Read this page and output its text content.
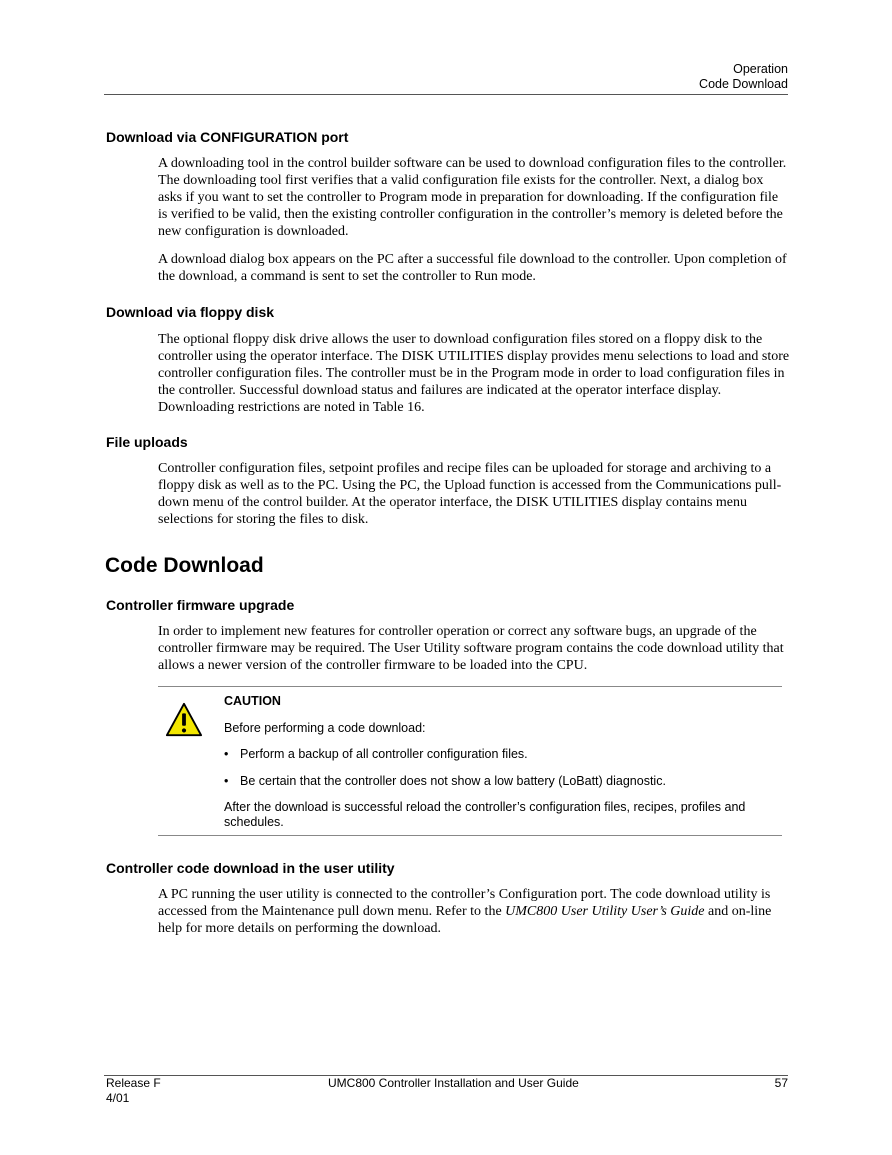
Operation
Code Download
Download via CONFIGURATION port

A downloading tool in the control builder software can be used to download configuration files to the controller. The downloading tool first verifies that a valid configuration file exists for the controller. Next, a dialog box asks if you want to set the controller to Program mode in preparation for downloading. If the configuration file is verified to be valid, then the existing controller configuration in the controller’s memory is deleted before the new configuration is downloaded.

A download dialog box appears on the PC after a successful file download to the controller. Upon completion of the download, a command is sent to set the controller to Run mode.

Download via floppy disk

The optional floppy disk drive allows the user to download configuration files stored on a floppy disk to the controller using the operator interface. The DISK UTILITIES display provides menu selections to load and store controller configuration files. The controller must be in the Program mode in order to load configuration files in the controller. Successful download status and failures are indicated at the operator interface display. Downloading restrictions are noted in Table 16.

File uploads

Controller configuration files, setpoint profiles and recipe files can be uploaded for storage and archiving to a floppy disk as well as to the PC. Using the PC, the Upload function is accessed from the Communications pull-down menu of the control builder. At the operator interface, the DISK UTILITIES display contains menu selections for storing the files to disk.

Code Download
Controller firmware upgrade

In order to implement new features for controller operation or correct any software bugs, an upgrade of the controller firmware may be required. The User Utility software program contains the code download utility that allows a newer version of the controller firmware to be loaded into the CPU.

CAUTION
Before performing a code download:
• Perform a backup of all controller configuration files.
• Be certain that the controller does not show a low battery (LoBatt) diagnostic.
After the download is successful reload the controller’s configuration files, recipes, profiles and schedules.
Controller code download in the user utility

A PC running the user utility is connected to the controller’s Configuration port. The code download utility is accessed from the Maintenance pull down menu. Refer to the UMC800 User Utility User’s Guide and on-line help for more details on performing the download.

Release F
4/01
UMC800 Controller Installation and User Guide	57
